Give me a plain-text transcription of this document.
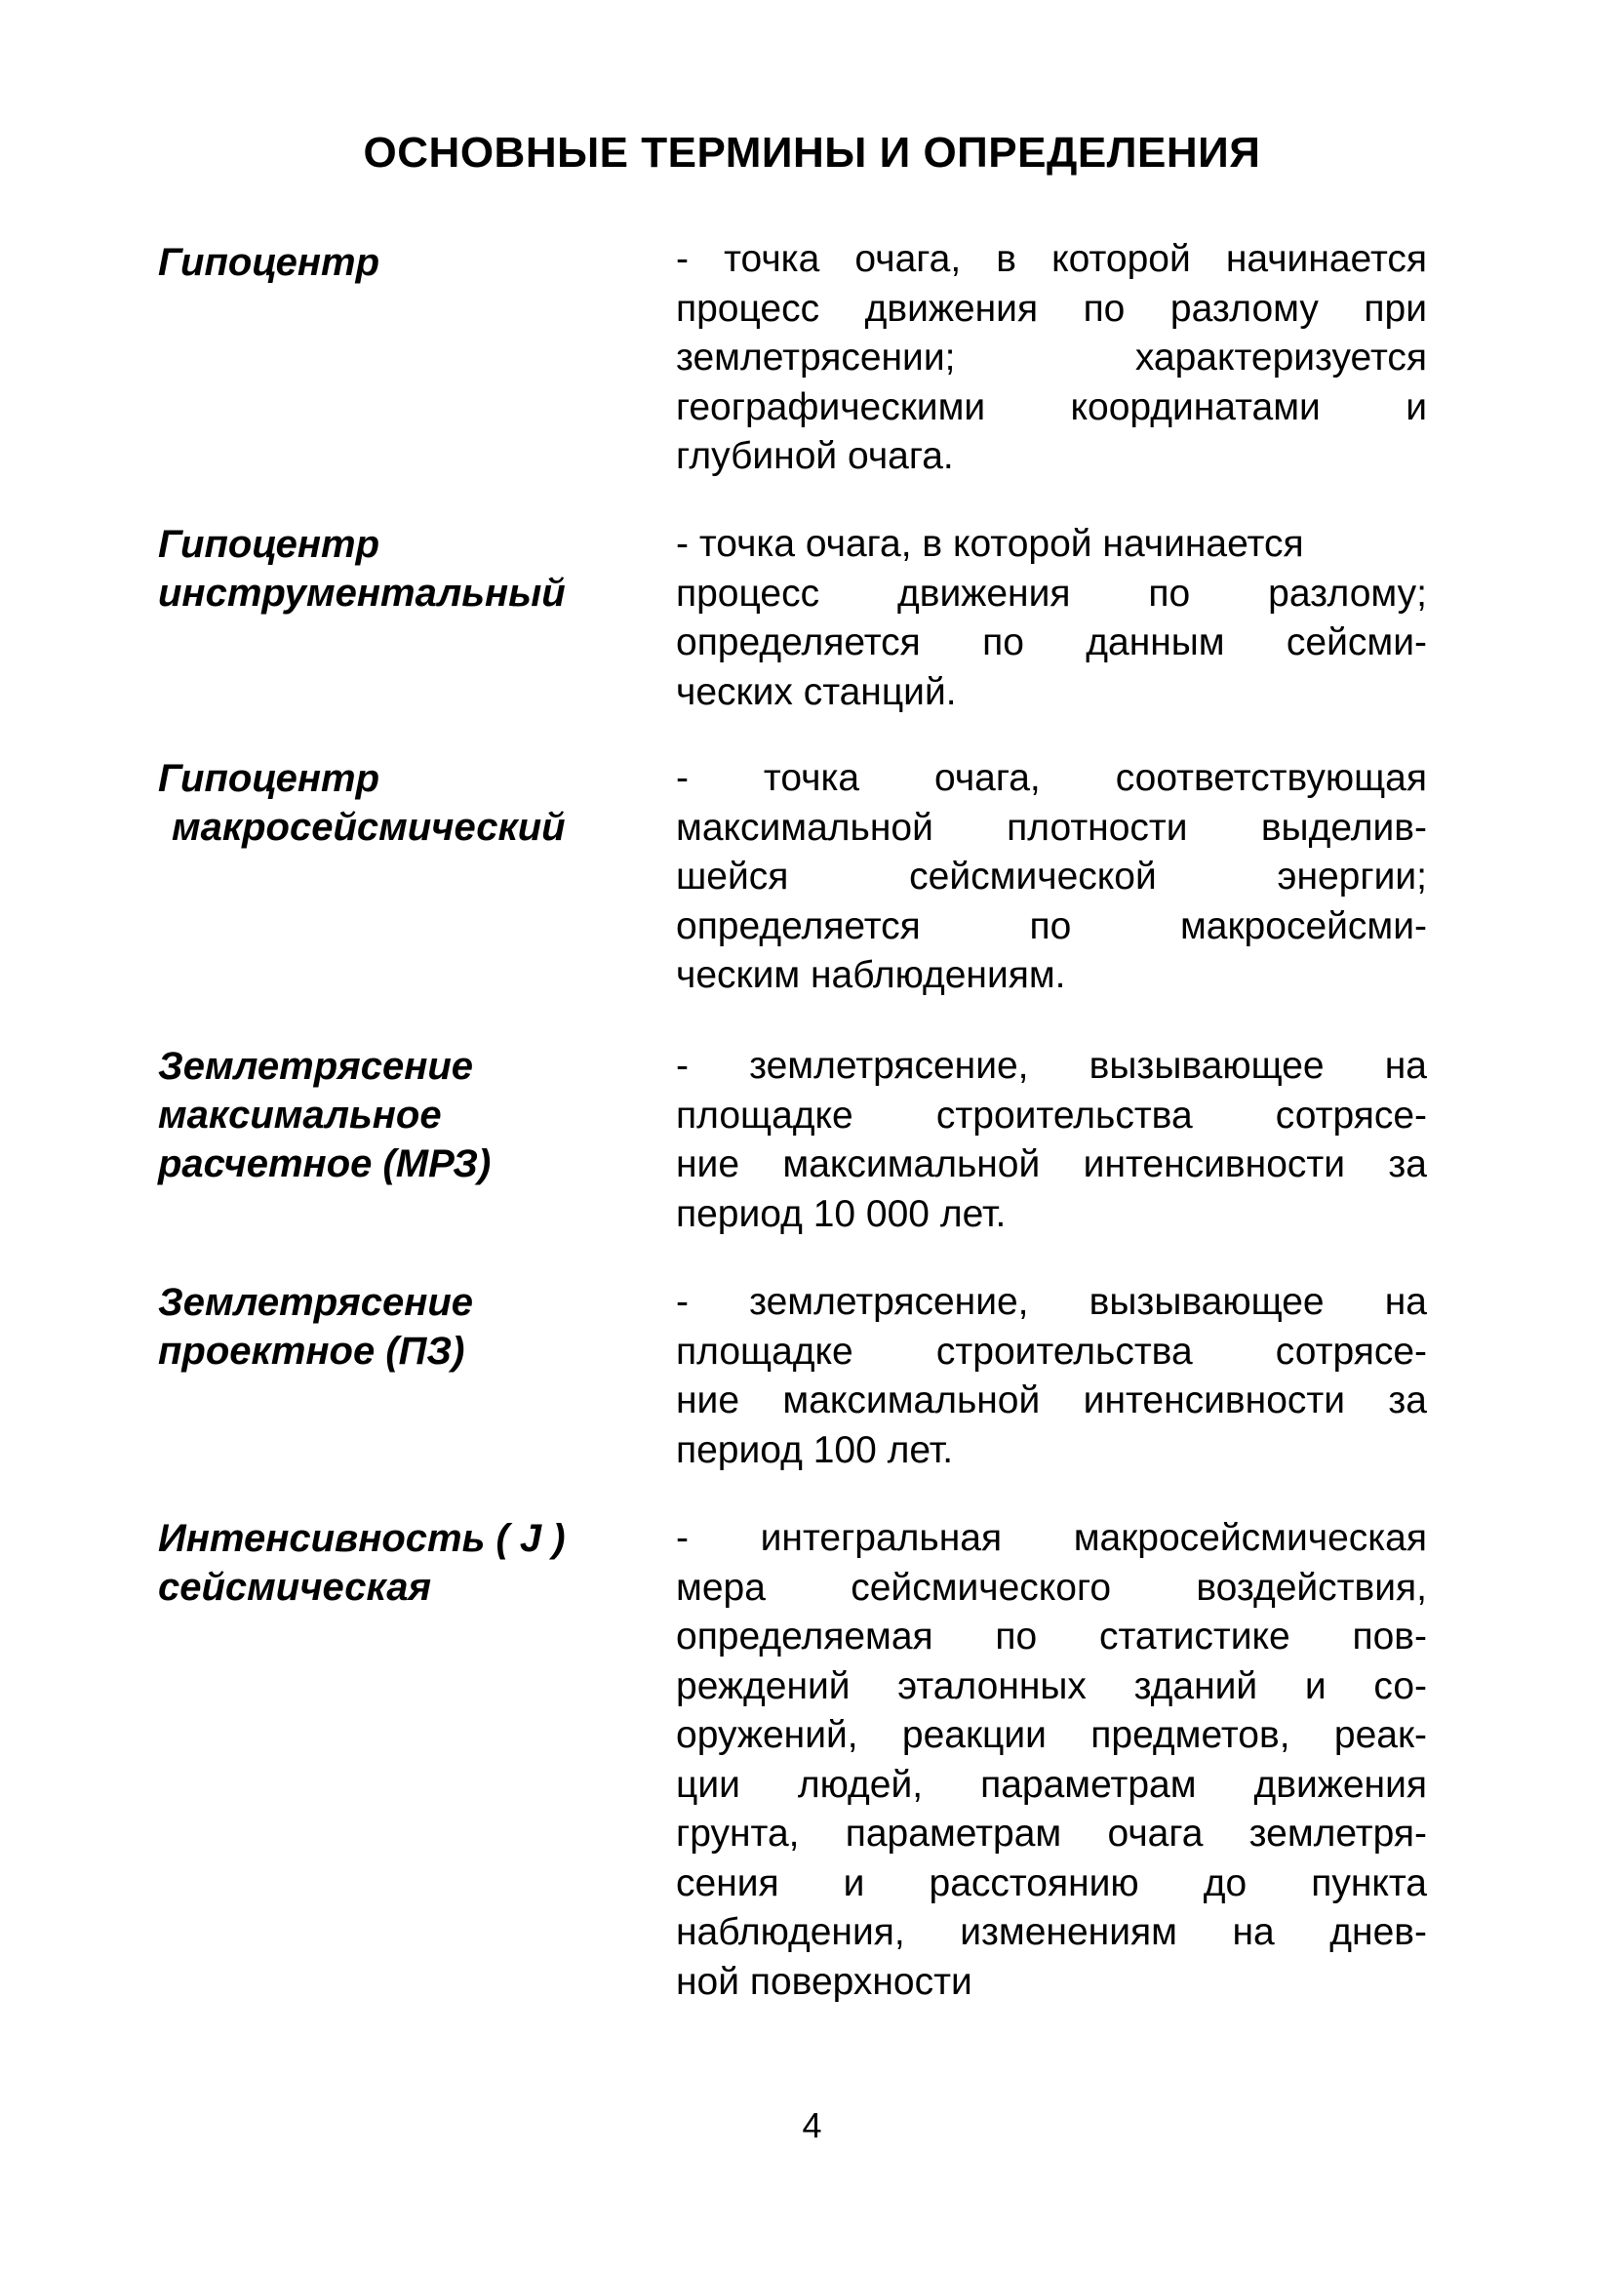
ОСНОВНЫЕ ТЕРМИНЫ И ОПРЕДЕЛЕНИЯ
Гипоцентр	- точка очага, в которой начинается
процесс движения по разлому при
землетрясении; характеризуется
географическими координатами и
глубиной очага.
Гипоцентр
инструментальный
- точка очага, в которой начинается
процесс движения по разлому;
определяется по данным сейсми-
ческих станций.
Гипоцентр
макросейсмический
- точка очага, соответствующая
максимальной плотности выделив-
шейся сейсмической энергии;
определяется по макросейсми-
ческим наблюдениям.
Землетрясение
максимальное
расчетное (МРЗ)
- землетрясение, вызывающее на
площадке строительства сотрясе-
ние максимальной интенсивности за
период 10 000 лет.
Землетрясение
проектное (ПЗ)
- землетрясение, вызывающее на
площадке строительства сотрясе-
ние максимальной интенсивности за
период 100 лет.
Интенсивность ( J )
сейсмическая
- интегральная макросейсмическая
мера сейсмического воздействия,
определяемая по статистике пов-
реждений эталонных зданий и со-
оружений, реакции предметов, реак-
ции людей, параметрам движения
грунта, параметрам очага землетря-
сения и расстоянию до пункта
наблюдения, изменениям на днев-
ной поверхности
4
